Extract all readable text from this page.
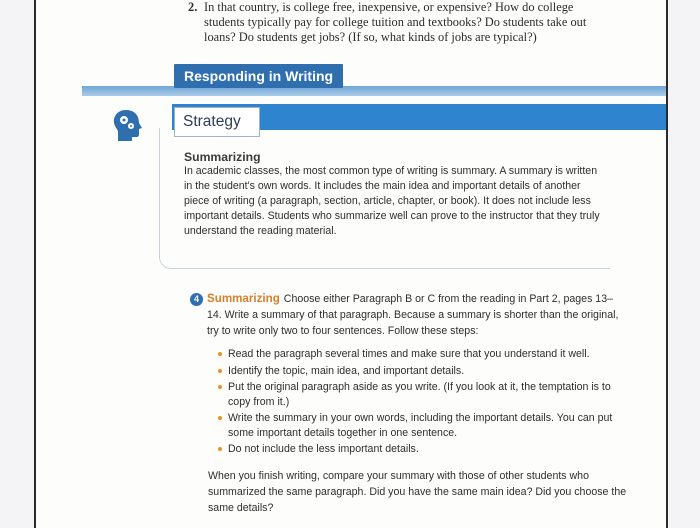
2. In that country, is college free, inexpensive, or expensive? How do college students typically pay for college tuition and textbooks? Do students take out loans? Do students get jobs? (If so, what kinds of jobs are typical?)
Responding in Writing
Strategy
Summarizing
In academic classes, the most common type of writing is summary. A summary is written in the student's own words. It includes the main idea and important details of another piece of writing (a paragraph, section, article, chapter, or book). It does not include less important details. Students who summarize well can prove to the instructor that they truly understand the reading material.
4 Summarizing Choose either Paragraph B or C from the reading in Part 2, pages 13–14. Write a summary of that paragraph. Because a summary is shorter than the original, try to write only two to four sentences. Follow these steps:
Read the paragraph several times and make sure that you understand it well.
Identify the topic, main idea, and important details.
Put the original paragraph aside as you write. (If you look at it, the temptation is to copy from it.)
Write the summary in your own words, including the important details. You can put some important details together in one sentence.
Do not include the less important details.
When you finish writing, compare your summary with those of other students who summarized the same paragraph. Did you have the same main idea? Did you choose the same details?
